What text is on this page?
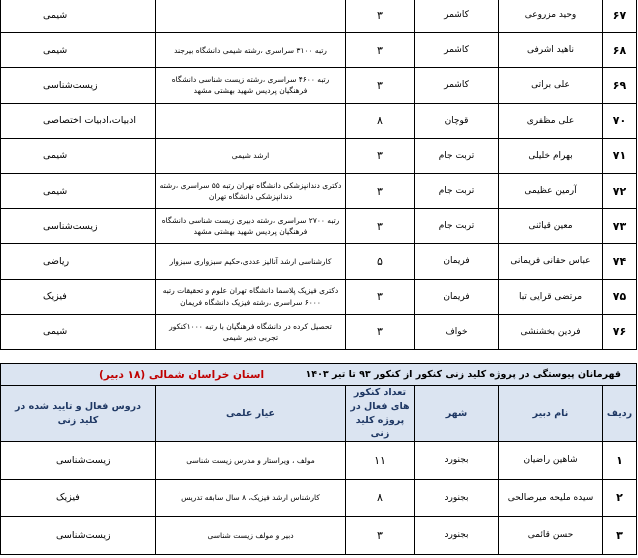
۶۷	وحید مزروعی	کاشمر	۳		شیمی
۶۸	ناهید اشرفی	کاشمر	۳	رتبه ۳۱۰۰ سراسری ،رشته شیمی دانشگاه بیرجند	شیمی
۶۹	علی براتی	کاشمر	۳	رتبه ۴۶۰۰ سراسری ،رشته زیست شناسی دانشگاه فرهنگیان پردیس شهید بهشتی مشهد	زیست‌شناسی
۷۰	علی مظفری	قوچان	۸		ادبیات،ادبیات اختصاصی
۷۱	بهرام خلیلی	تربت جام	۳	ارشد شیمی	شیمی
۷۲	آرمین عظیمی	تربت جام	۳	دکتری دندانپزشکی دانشگاه تهران رتبه ۵۵ سراسری ،رشته دندانپزشکی دانشگاه تهران	شیمی
۷۳	معین قیاثنی	تربت جام	۳	رتبه ۲۷۰۰ سراسری ،رشته دبیری زیست شناسی دانشگاه فرهنگیان پردیس شهید بهشتی مشهد	زیست‌شناسی
۷۴	عباس حقانی فریمانی	فریمان	۵	کارشناسی ارشد آنالیز عددی،حکیم سبزواری سبزوار	ریاضی
۷۵	مرتضی قرایی تبا	فریمان	۳	دکتری فیزیک پلاسما دانشگاه تهران علوم و تحقیقات رتبه ۶۰۰۰ سراسری ،رشته فیزیک دانشگاه فریمان	فیزیک
۷۶	فردین بخشنشی	خواف	۳	تحصیل کرده در دانشگاه فرهنگیان با رتبه ۱۰۰۰کنکور تجربی دبیر شیمی	شیمی
قهرمانان پیوستگی در پروژه کلید زنی کنکور از کنکور ۹۳ تا تیر ۱۴۰۳
استان خراسان شمالی (۱۸ دبیر)					

ردیف	نام دبیر	شهر	تعداد کنکور های فعال در پروژه کلید زنی	عیار علمی	دروس فعال و تایید شده در کلید زنی
۱	شاهین راضیان	بجنورد	۱۱	مولف ، ویراستار و مدرس زیست شناسی	زیست‌شناسی
۲	سیده ملیحه میرصالحی	بجنورد	۸	کارشناس ارشد فیزیک، ۸ سال سابقه تدریس	فیزیک
۳	حسن قائمی	بجنورد	۳	دبیر و مولف زیست شناسی	زیست‌شناسی
